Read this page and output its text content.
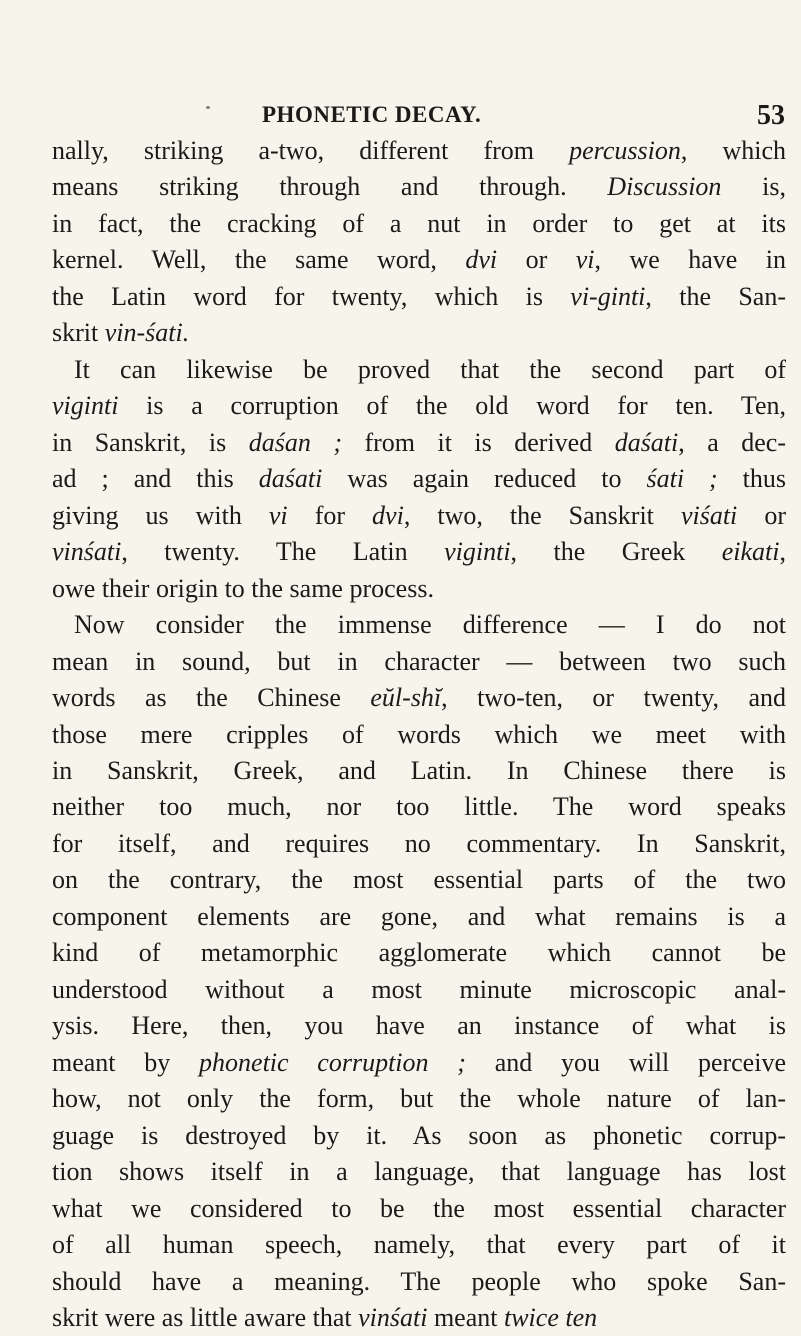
PHONETIC DECAY.	53
nally, striking a-two, different from percussion, which
means striking through and through. Discussion is,
in fact, the cracking of a nut in order to get at its
kernel. Well, the same word, dvi or vi, we have in
the Latin word for twenty, which is vi-ginti, the San-
skrit vin-śati.
It can likewise be proved that the second part of
viginti is a corruption of the old word for ten. Ten,
in Sanskrit, is daśan ; from it is derived daśati, a dec-
ad ; and this daśati was again reduced to śati ; thus
giving us with vi for dvi, two, the Sanskrit viśati or
vinśati, twenty. The Latin viginti, the Greek eikati,
owe their origin to the same process.
Now consider the immense difference — I do not
mean in sound, but in character — between two such
words as the Chinese eŭl-shĭ, two-ten, or twenty, and
those mere cripples of words which we meet with
in Sanskrit, Greek, and Latin. In Chinese there is
neither too much, nor too little. The word speaks
for itself, and requires no commentary. In Sanskrit,
on the contrary, the most essential parts of the two
component elements are gone, and what remains is a
kind of metamorphic agglomerate which cannot be
understood without a most minute microscopic anal-
ysis. Here, then, you have an instance of what is
meant by phonetic corruption ; and you will perceive
how, not only the form, but the whole nature of lan-
guage is destroyed by it. As soon as phonetic corrup-
tion shows itself in a language, that language has lost
what we considered to be the most essential character
of all human speech, namely, that every part of it
should have a meaning. The people who spoke San-
skrit were as little aware that vinśati meant twice ten
